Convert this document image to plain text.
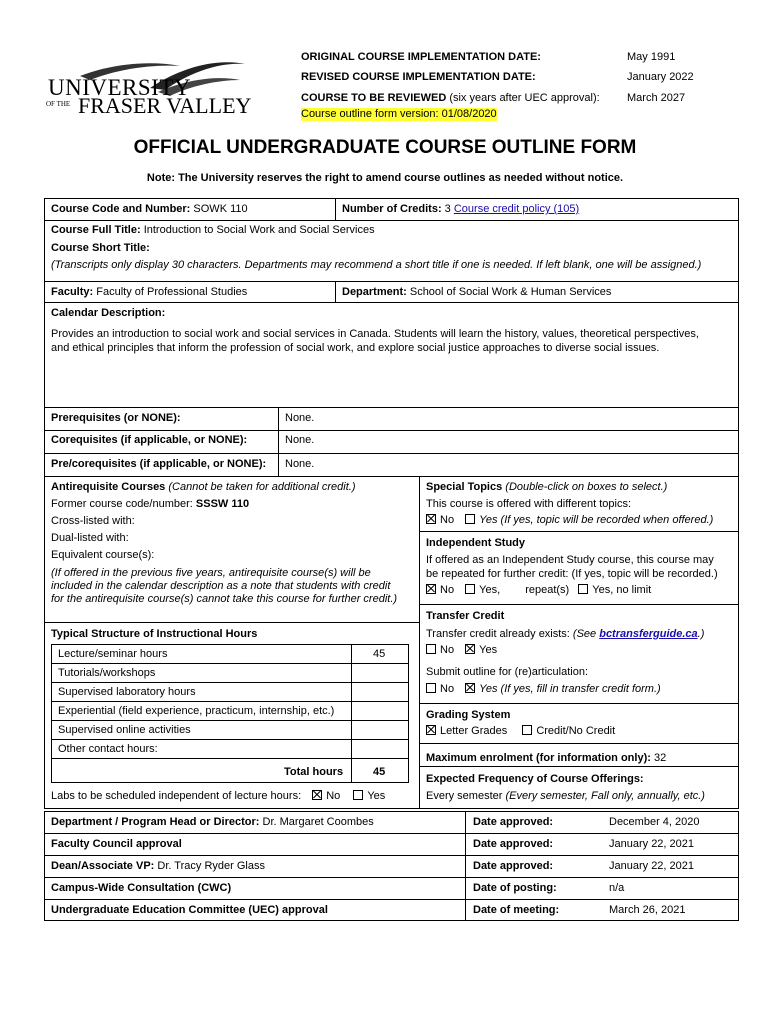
UNIVERSITY
OF THE FRASER VALLEY
ORIGINAL COURSE IMPLEMENTATION DATE:	May 1991
REVISED COURSE IMPLEMENTATION DATE:	January 2022
COURSE TO BE REVIEWED (six years after UEC approval): March 2027
Course outline form version: 01/08/2020
OFFICIAL UNDERGRADUATE COURSE OUTLINE FORM
Note: The University reserves the right to amend course outlines as needed without notice.
Course Code and Number: SOWK 110	Number of Credits: 3 Course credit policy (105)
Course Full Title: Introduction to Social Work and Social Services
Course Short Title:
(Transcripts only display 30 characters. Departments may recommend a short title if one is needed. If left blank, one will be assigned.)
Faculty: Faculty of Professional Studies	Department: School of Social Work & Human Services
Calendar Description:
Provides an introduction to social work and social services in Canada. Students will learn the history, values, theoretical perspectives,
and ethical principles that inform the profession of social work, and explore social justice approaches to diverse social issues.
Prerequisites (or NONE):	None.
Corequisites (if applicable, or NONE):	None.
Pre/corequisites (if applicable, or NONE): None.
Antirequisite Courses (Cannot be taken for additional credit.)
Former course code/number: SSSW 110
Cross-listed with:
Dual-listed with:
Equivalent course(s):
(If offered in the previous five years, antirequisite course(s) will be
included in the calendar description as a note that students with credit
for the antirequisite course(s) cannot take this course for further credit.)
Typical Structure of Instructional Hours
Lecture/seminar hours	45
Tutorials/workshops
Supervised laboratory hours
Experiential (field experience, practicum, internship, etc.)
Supervised online activities
Other contact hours:
Total hours	45
Labs to be scheduled independent of lecture hours: No Yes
Special Topics (Double-click on boxes to select.)
This course is offered with different topics:
No Yes (If yes, topic will be recorded when offered.)
Independent Study
If offered as an Independent Study course, this course may
be repeated for further credit: (If yes, topic will be recorded.)
No Yes, repeat(s) Yes, no limit
Transfer Credit
Transfer credit already exists: (See bctransferguide.ca.)
No Yes
Submit outline for (re)articulation:
No Yes (If yes, fill in transfer credit form.)
Grading System
Letter Grades	Credit/No Credit
Maximum enrolment (for information only): 32
Expected Frequency of Course Offerings:
Every semester (Every semester, Fall only, annually, etc.)
Department / Program Head or Director: Dr. Margaret Coombes	Date approved:	December 4, 2020
Faculty Council approval	Date approved:	January 22, 2021
Dean/Associate VP: Dr. Tracy Ryder Glass	Date approved:	January 22, 2021
Campus-Wide Consultation (CWC)	Date of posting:	n/a
Undergraduate Education Committee (UEC) approval	Date of meeting:	March 26, 2021
